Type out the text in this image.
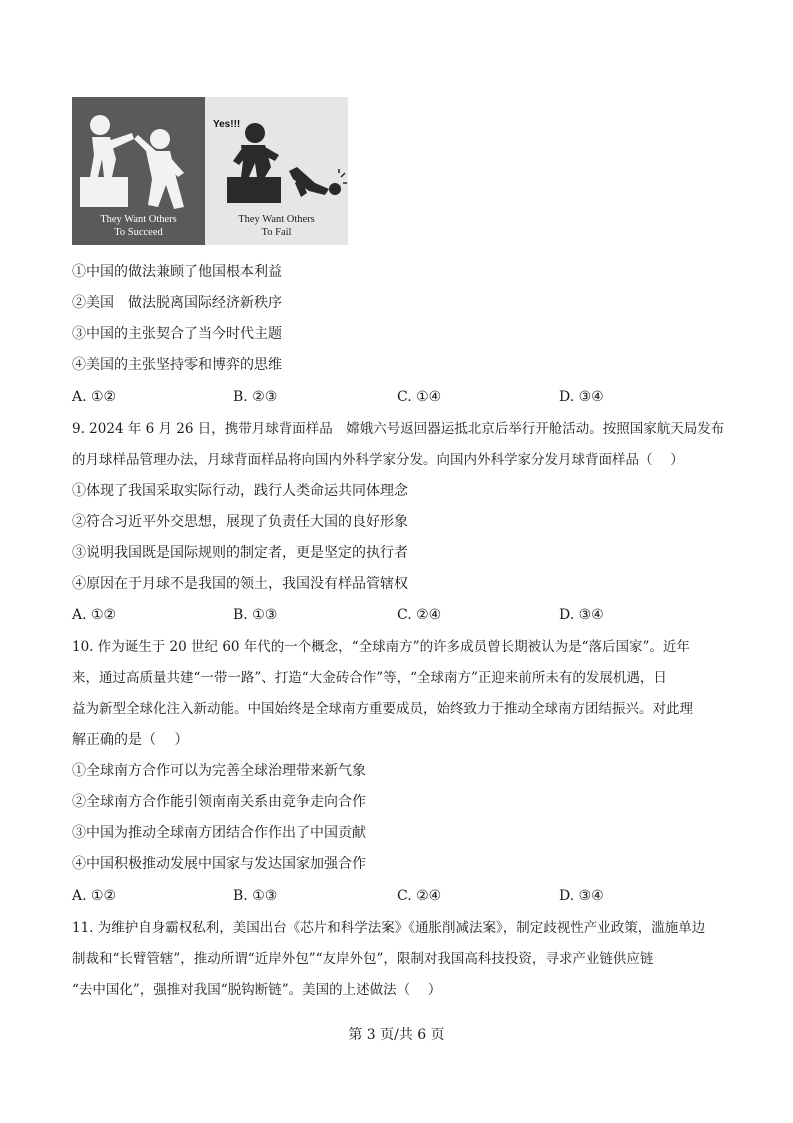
They Want Others
To Succeed
Yes!!!
They Want Others
To Fail
①中国的做法兼顾了他国根本利益
②美国　做法脱离国际经济新秩序
③中国的主张契合了当今时代主题
④美国的主张坚持零和博弈的思维
A. ①②	B. ②③	C. ①④	D. ③④
9. 2024 年 6 月 26 日，携带月球背面样品　嫦娥六号返回器运抵北京后举行开舱活动。按照国家航天局发布
的月球样品管理办法，月球背面样品将向国内外科学家分发。向国内外科学家分发月球背面样品（　 ）
①体现了我国采取实际行动，践行人类命运共同体理念
②符合习近平外交思想，展现了负责任大国的良好形象
③说明我国既是国际规则的制定者，更是坚定的执行者
④原因在于月球不是我国的领土，我国没有样品管辖权
A. ①②	B. ①③	C. ②④	D. ③④
10. 作为诞生于 20 世纪 60 年代的一个概念，“全球南方”的许多成员曾长期被认为是“落后国家”。近年
来，通过高质量共建“一带一路”、打造“大金砖合作”等，“全球南方”正迎来前所未有的发展机遇，日
益为新型全球化注入新动能。中国始终是全球南方重要成员，始终致力于推动全球南方团结振兴。对此理
解正确的是（　 ）
①全球南方合作可以为完善全球治理带来新气象
②全球南方合作能引领南南关系由竞争走向合作
③中国为推动全球南方团结合作作出了中国贡献
④中国积极推动发展中国家与发达国家加强合作
A. ①②	B. ①③	C. ②④	D. ③④
11. 为维护自身霸权私利，美国出台《芯片和科学法案》《通胀削减法案》，制定歧视性产业政策，滥施单边
制裁和“长臂管辖”，推动所谓“近岸外包”“友岸外包”，限制对我国高科技投资，寻求产业链供应链
“去中国化”，强推对我国“脱钩断链”。美国的上述做法（　 ）
第 3 页/共 6 页
